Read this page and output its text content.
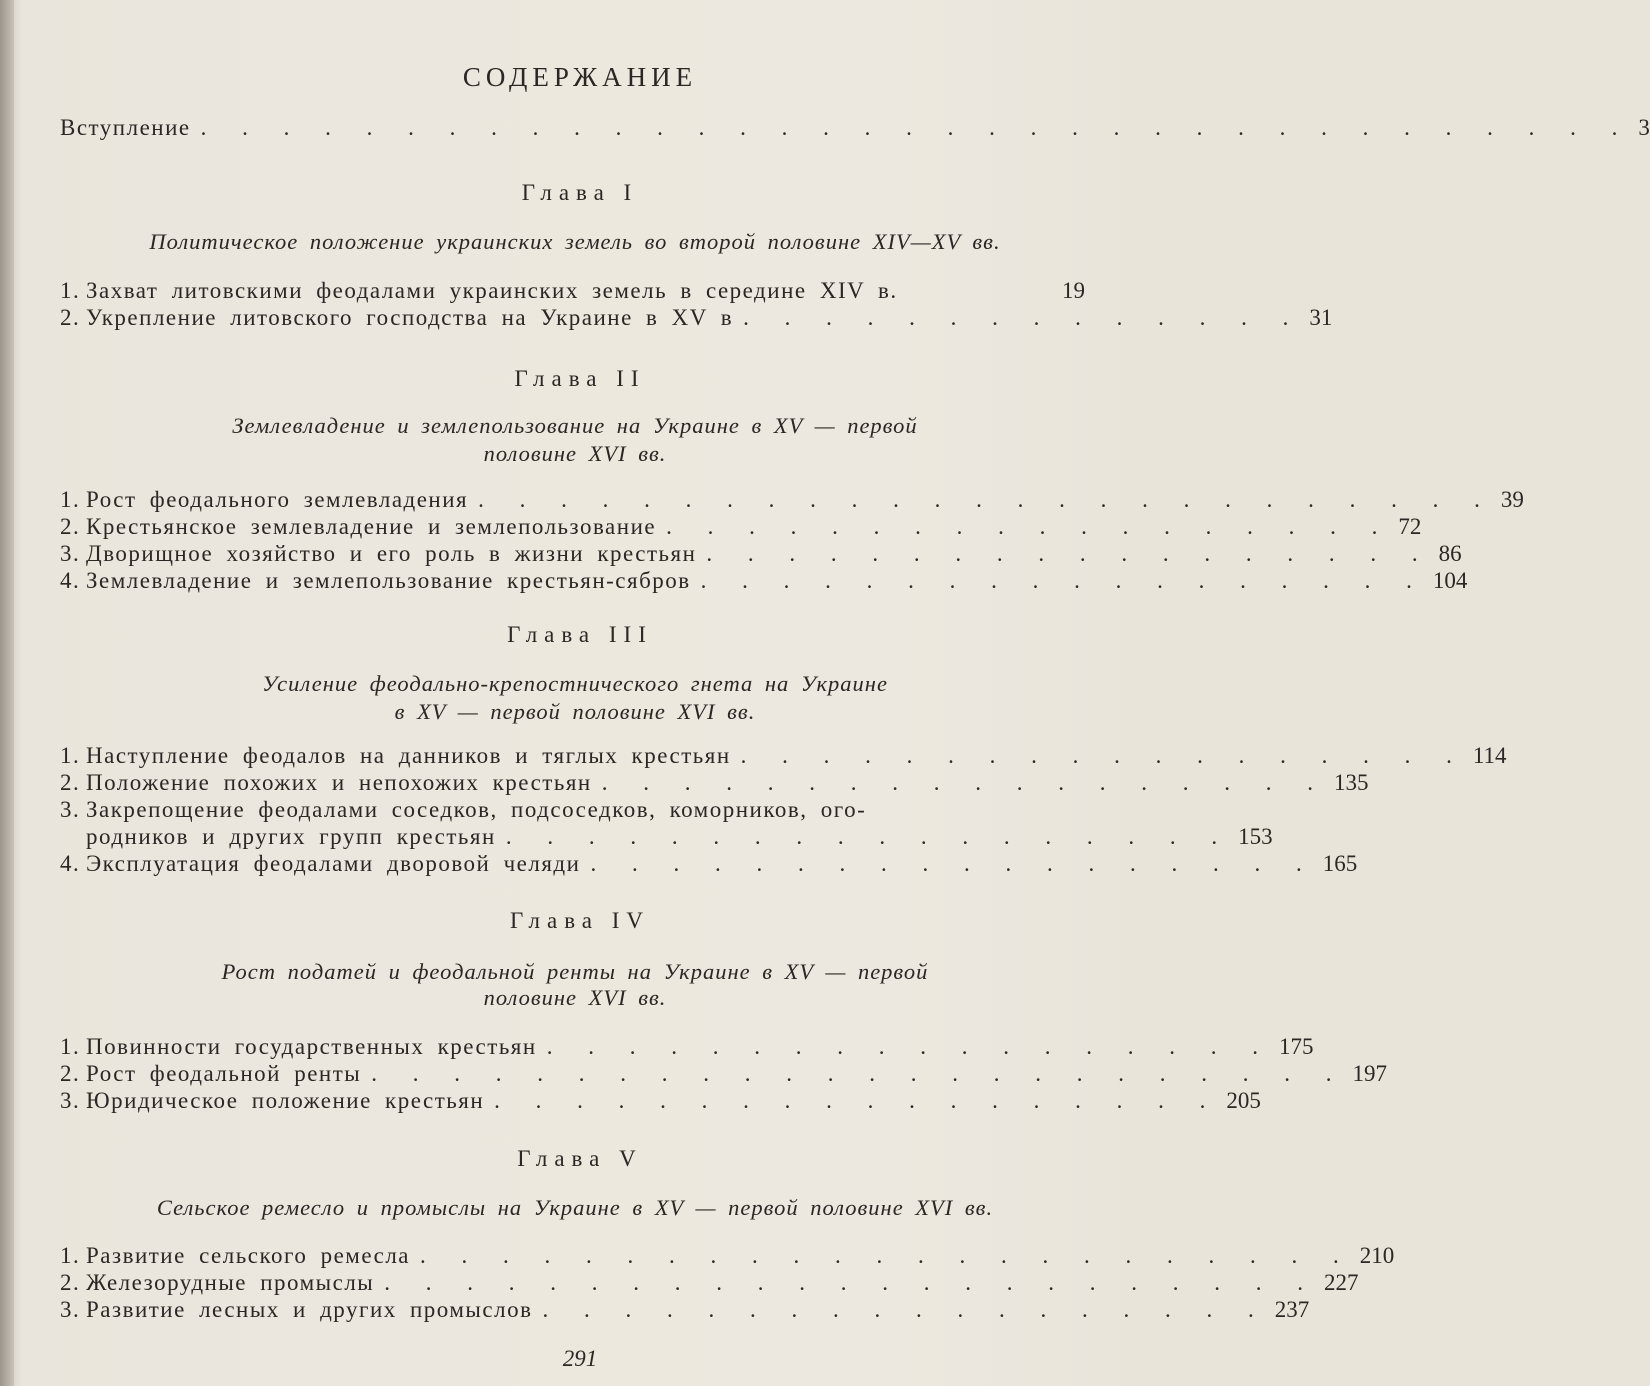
СОДЕРЖАНИЕ
Вступление . . . . . . . . . . . . . . . . . . . . . . . . . . . . . . . . . . . 3
Глава I
Политическое положение украинских земель во второй половине XIV—XV вв.
1. Захват литовскими феодалами украинских земель в середине XIV в.	19
2. Укрепление литовского господства на Украине в XV в . . . . . . . . . . . . . . 31
Глава II
Землевладение и землепользование на Украине в XV — первой
половине XVI вв.
1. Рост феодального землевладения . . . . . . . . . . . . . . . . . . . . . . . . . 39
2. Крестьянское землевладение и землепользование . . . . . . . . . . . . . . . . . . 72
3. Дворищное хозяйство и его роль в жизни крестьян . . . . . . . . . . . . . . . . . . 86
4. Землевладение и землепользование крестьян-сябров . . . . . . . . . . . . . . . . . . 104
Глава III
Усиление феодально-крепостнического гнета на Украине
в XV — первой половине XVI вв.
1. Наступление феодалов на данников и тяглых крестьян . . . . . . . . . . . . . . . . . . 114
2. Положение похожих и непохожих крестьян . . . . . . . . . . . . . . . . . . 135
3. Закрепощение феодалами соседков, подсоседков, коморников, ого-
родников и других групп крестьян . . . . . . . . . . . . . . . . . . 153
4. Эксплуатация феодалами дворовой челяди . . . . . . . . . . . . . . . . . . 165
Глава IV
Рост податей и феодальной ренты на Украине в XV — первой
половине XVI вв.
1. Повинности государственных крестьян . . . . . . . . . . . . . . . . . . 175
2. Рост феодальной ренты . . . . . . . . . . . . . . . . . . . . . . . . 197
3. Юридическое положение крестьян . . . . . . . . . . . . . . . . . . 205
Глава V
Сельское ремесло и промыслы на Украине в XV — первой половине XVI вв.
1. Развитие сельского ремесла . . . . . . . . . . . . . . . . . . . . . . . 210
2. Железорудные промыслы . . . . . . . . . . . . . . . . . . . . . . . 227
3. Развитие лесных и других промыслов . . . . . . . . . . . . . . . . . . 237
291
